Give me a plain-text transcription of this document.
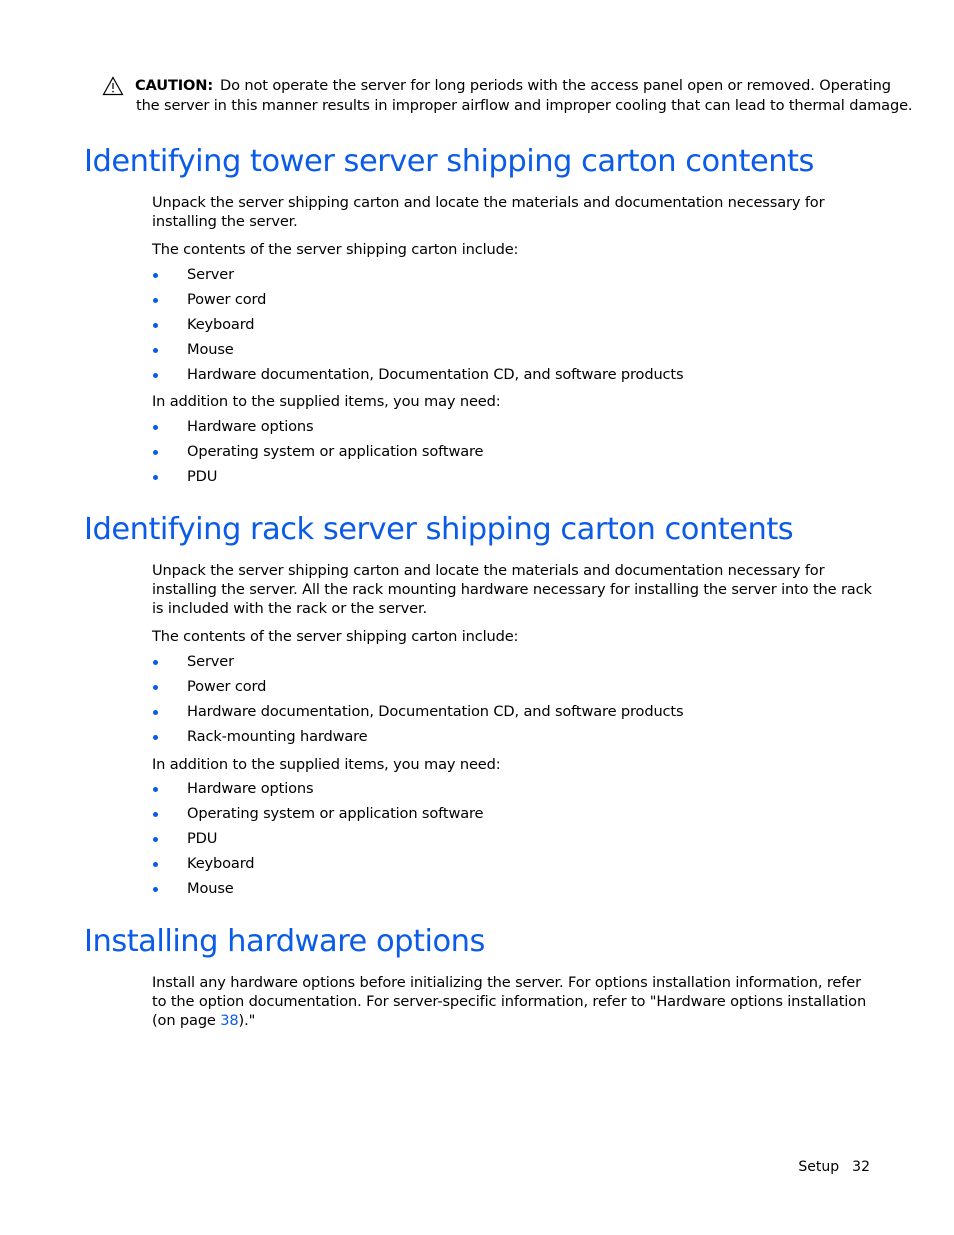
CAUTION: Do not operate the server for long periods with the access panel open or removed. Operating

the server in this manner results in improper airflow and improper cooling that can lead to thermal damage.

Identifying tower server shipping carton contents

Unpack the server shipping carton and locate the materials and documentation necessary for installing the server.

The contents of the server shipping carton include:

Server
Power cord
Keyboard
Mouse
Hardware documentation, Documentation CD, and software products

In addition to the supplied items, you may need:

Hardware options
Operating system or application software
PDU
Identifying rack server shipping carton contents

Unpack the server shipping carton and locate the materials and documentation necessary for installing the server. All the rack mounting hardware necessary for installing the server into the rack is included with the rack or the server.

The contents of the server shipping carton include:

Server
Power cord
Hardware documentation, Documentation CD, and software products
Rack-mounting hardware

In addition to the supplied items, you may need:

Hardware options
Operating system or application software
PDU
Keyboard
Mouse
Installing hardware options

Install any hardware options before initializing the server. For options installation information, refer to the option documentation. For server-specific information, refer to "Hardware options installation (on page 38)."

Setup 32
